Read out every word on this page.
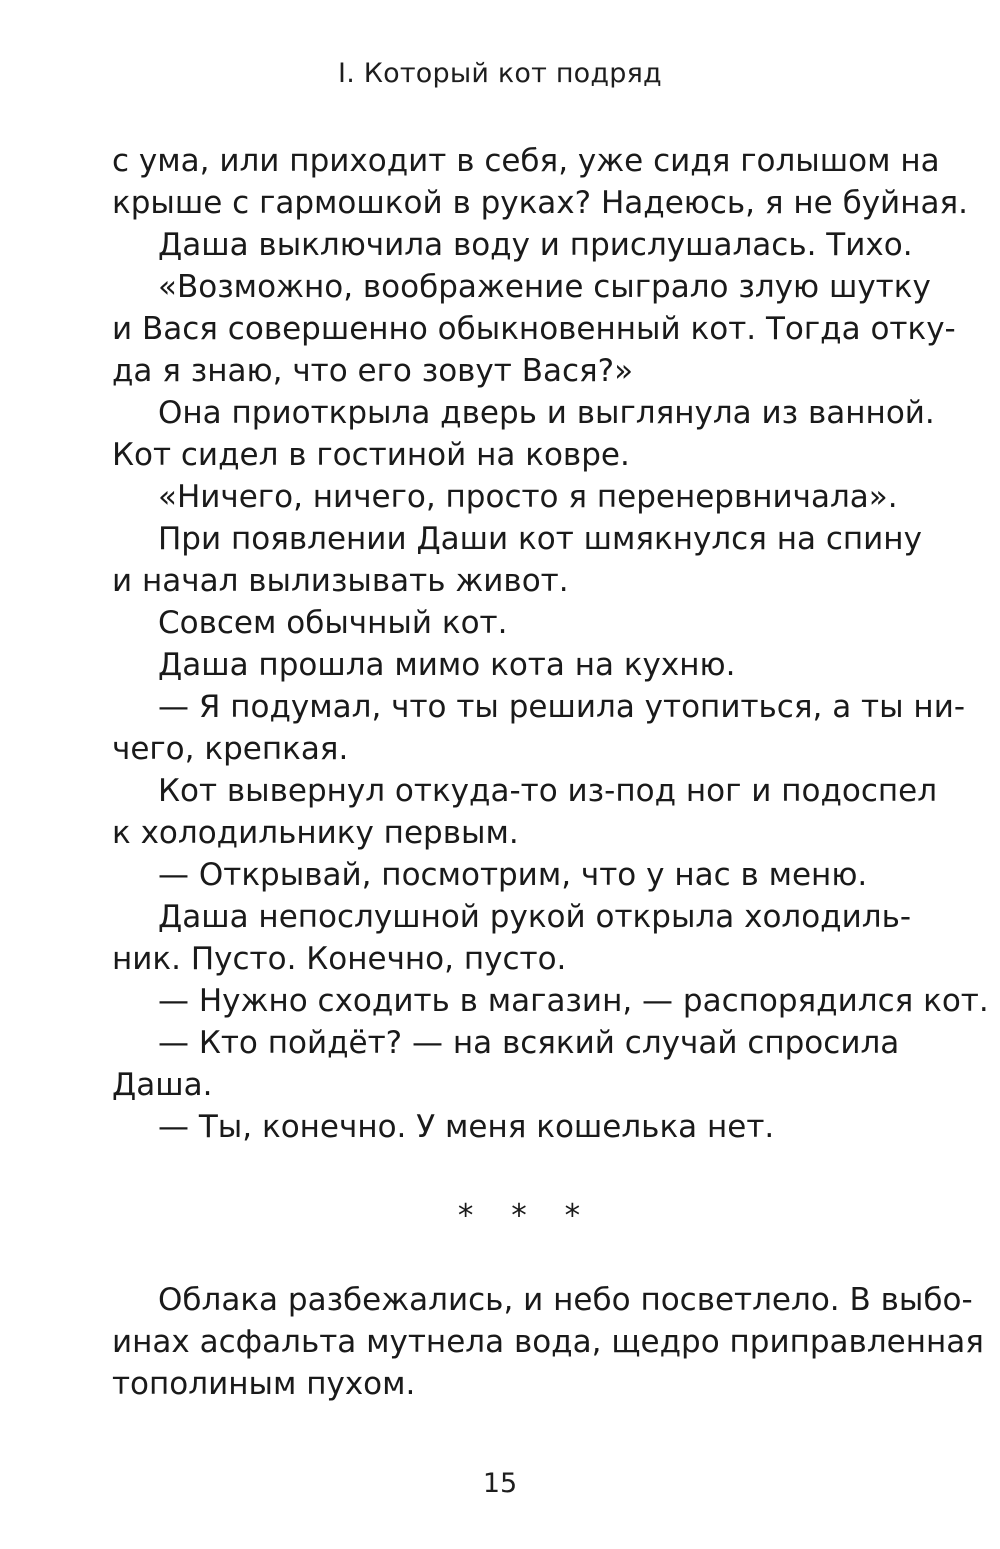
I. Который кот подряд
с ума, или приходит в себя, уже сидя голышом на
крыше с гармошкой в руках? Надеюсь, я не буйная.
Даша выключила воду и прислушалась. Тихо.
«Возможно, воображение сыграло злую шутку
и Вася совершенно обыкновенный кот. Тогда отку-
да я знаю, что его зовут Вася?»
Она приоткрыла дверь и выглянула из ванной.
Кот сидел в гостиной на ковре.
«Ничего, ничего, просто я перенервничала».
При появлении Даши кот шмякнулся на спину
и начал вылизывать живот.
Совсем обычный кот.
Даша прошла мимо кота на кухню.
— Я подумал, что ты решила утопиться, а ты ни-
чего, крепкая.
Кот вывернул откуда-то из-под ног и подоспел
к холодильнику первым.
— Открывай, посмотрим, что у нас в меню.
Даша непослушной рукой открыла холодиль-
ник. Пусто. Конечно, пусто.
— Нужно сходить в магазин, — распорядился кот.
— Кто пойдёт? — на всякий случай спросила
Даша.
— Ты, конечно. У меня кошелька нет.
* * *
Облака разбежались, и небо посветлело. В выбо-
инах асфальта мутнела вода, щедро приправленная
тополиным пухом.
15
